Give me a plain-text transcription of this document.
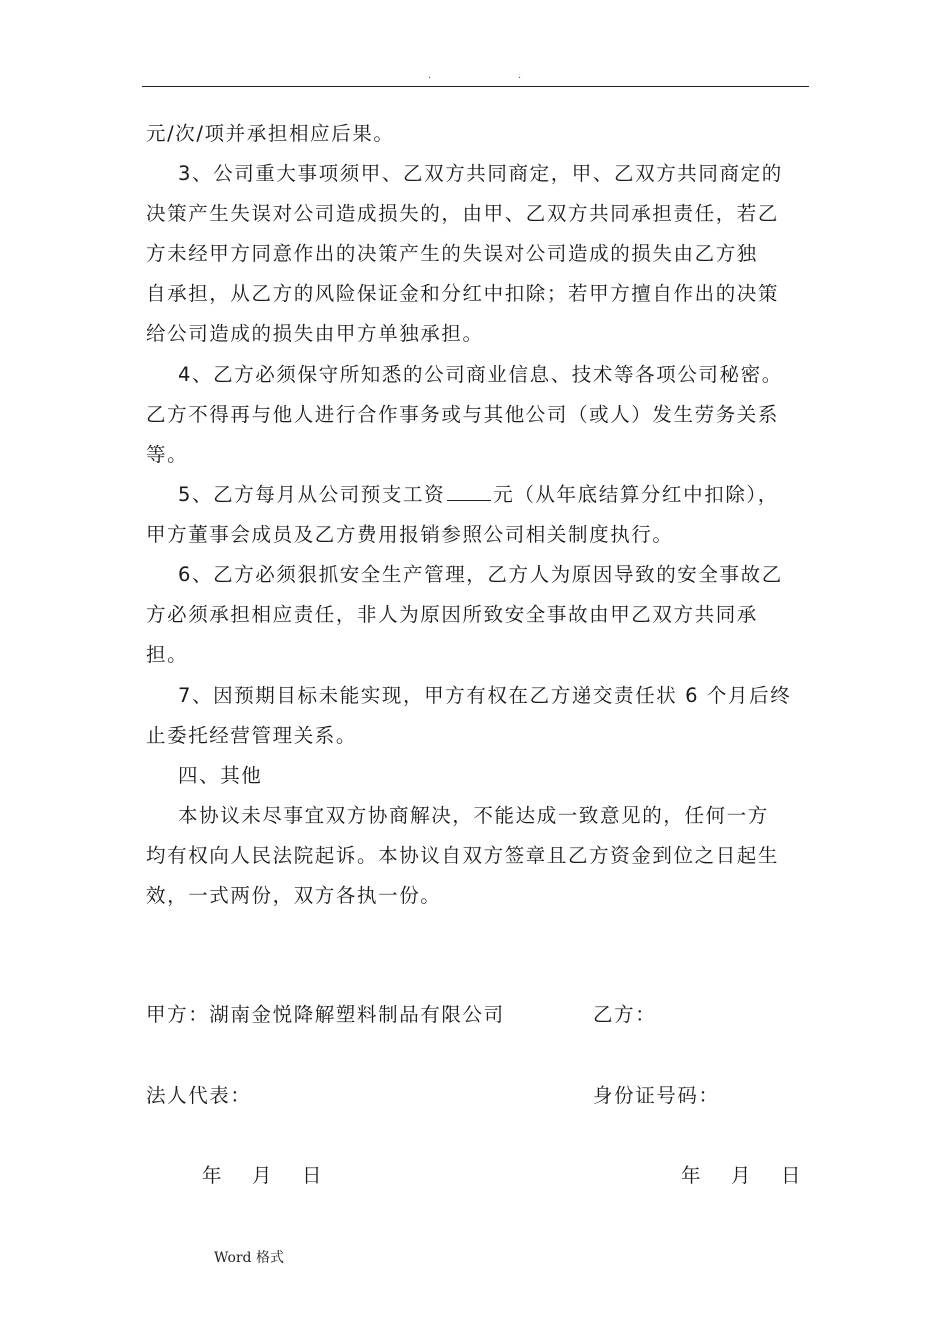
.	.
元/次/项并承担相应后果。
3、公司重大事项须甲、乙双方共同商定，甲、乙双方共同商定的
决策产生失误对公司造成损失的，由甲、乙双方共同承担责任，若乙
方未经甲方同意作出的决策产生的失误对公司造成的损失由乙方独
自承担，从乙方的风险保证金和分红中扣除；若甲方擅自作出的决策
给公司造成的损失由甲方单独承担。
4、乙方必须保守所知悉的公司商业信息、技术等各项公司秘密。
乙方不得再与他人进行合作事务或与其他公司（或人）发生劳务关系
等。
5、乙方每月从公司预支工资 元（从年底结算分红中扣除），
甲方董事会成员及乙方费用报销参照公司相关制度执行。
6、乙方必须狠抓安全生产管理，乙方人为原因导致的安全事故乙
方必须承担相应责任，非人为原因所致安全事故由甲乙双方共同承
担。
7、因预期目标未能实现，甲方有权在乙方递交责任状 6 个月后终
止委托经营管理关系。
四、其他
本协议未尽事宜双方协商解决，不能达成一致意见的，任何一方
均有权向人民法院起诉。本协议自双方签章且乙方资金到位之日起生
效，一式两份，双方各执一份。
甲方：湖南金悦降解塑料制品有限公司	乙方：
法人代表：	身份证号码：
年　 月　 日	年　 月　 日
Word 格式
